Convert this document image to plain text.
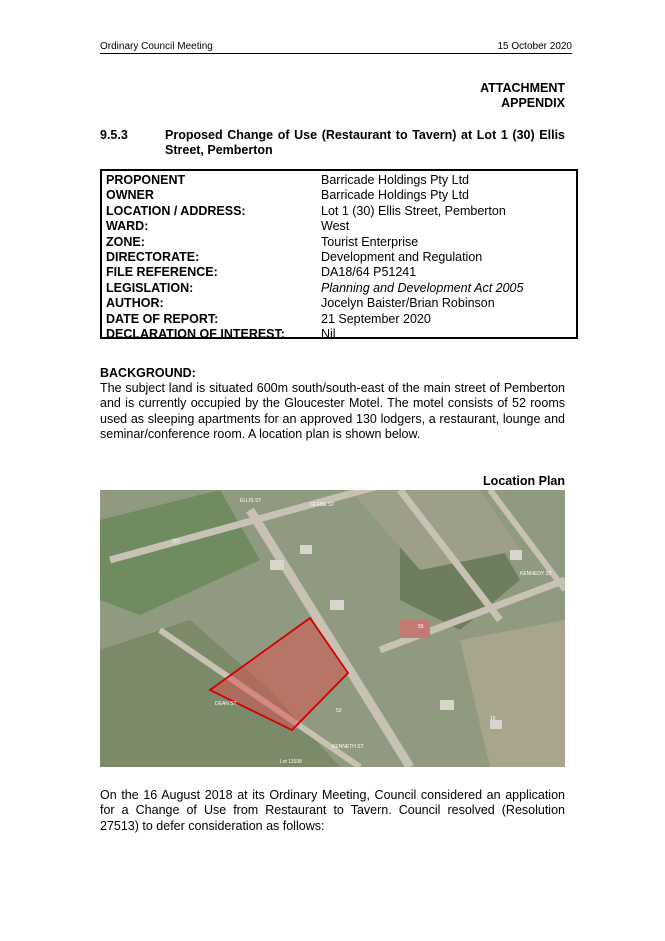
Ordinary Council Meeting	15 October 2020
ATTACHMENT
APPENDIX
9.5.3	Proposed Change of Use (Restaurant to Tavern) at Lot 1 (30) Ellis Street, Pemberton
PROPONENT	Barricade Holdings Pty Ltd
OWNER	Barricade Holdings Pty Ltd
LOCATION / ADDRESS:	Lot 1 (30) Ellis Street, Pemberton
WARD:	West
ZONE:	Tourist Enterprise
DIRECTORATE:	Development and Regulation
FILE REFERENCE:	DA18/64 P51241
LEGISLATION:	Planning and Development Act 2005
AUTHOR:	Jocelyn Baister/Brian Robinson
DATE OF REPORT:	21 September 2020
DECLARATION OF INTEREST:	Nil
BACKGROUND:

The subject land is situated 600m south/south-east of the main street of Pemberton and is currently occupied by the Gloucester Motel. The motel consists of 52 rooms used as sleeping apartments for an approved 130 lodgers, a restaurant, lounge and seminar/conference room. A location plan is shown below.

Location Plan
207
16
55
52
Lot 11598
ELLIS ST
DEAN ST
KENNEDY ST
KENNETH ST
GLEBE ST

On the 16 August 2018 at its Ordinary Meeting, Council considered an application for a Change of Use from Restaurant to Tavern. Council resolved (Resolution 27513) to defer consideration as follows:
